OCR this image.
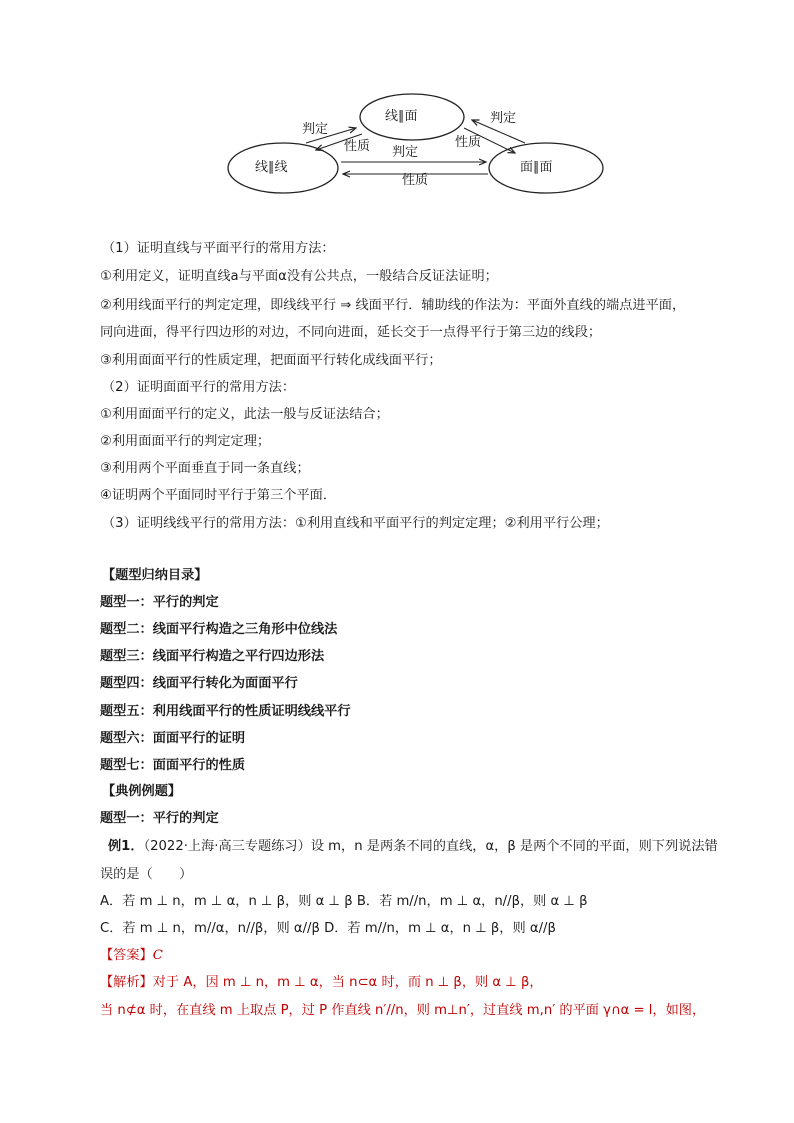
线∥面
线∥线	面∥面
判定
性质
判定
性质
判定
性质
（1）证明直线与平面平行的常用方法：
①利用定义，证明直线a与平面α没有公共点，一般结合反证法证明；
②利用线面平行的判定定理，即线线平行 ⇒ 线面平行．辅助线的作法为：平面外直线的端点进平面，
同向进面，得平行四边形的对边，不同向进面，延长交于一点得平行于第三边的线段；
③利用面面平行的性质定理，把面面平行转化成线面平行；
（2）证明面面平行的常用方法：
①利用面面平行的定义，此法一般与反证法结合；
②利用面面平行的判定定理；
③利用两个平面垂直于同一条直线；
④证明两个平面同时平行于第三个平面．
（3）证明线线平行的常用方法：①利用直线和平面平行的判定定理；②利用平行公理；
【题型归纳目录】
题型一：平行的判定
题型二：线面平行构造之三角形中位线法
题型三：线面平行构造之平行四边形法
题型四：线面平行转化为面面平行
题型五：利用线面平行的性质证明线线平行
题型六：面面平行的证明
题型七：面面平行的性质
【典例例题】
题型一：平行的判定
例1．（2022·上海·高三专题练习）设 m，n 是两条不同的直线，α，β 是两个不同的平面，则下列说法错
误的是（　　）
A．若 m ⊥ n，m ⊥ α，n ⊥ β，则 α ⊥ β B．若 m//n，m ⊥ α，n//β，则 α ⊥ β
C．若 m ⊥ n，m//α，n//β，则 α//β D．若 m//n，m ⊥ α，n ⊥ β，则 α//β
【答案】C
【解析】对于 A，因 m ⊥ n，m ⊥ α，当 n⊂α 时，而 n ⊥ β，则 α ⊥ β，
当 n⊄α 时，在直线 m 上取点 P，过 P 作直线 n′//n，则 m⊥n′，过直线 m,n′ 的平面 γ∩α = l，如图，
